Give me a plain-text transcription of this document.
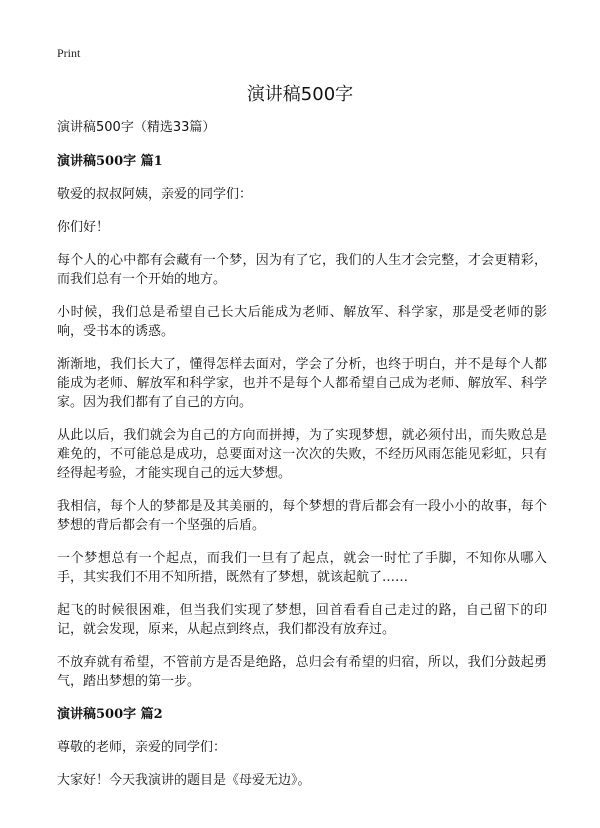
Print
演讲稿500字

演讲稿500字（精选33篇）

演讲稿500字 篇1

敬爱的叔叔阿姨，亲爱的同学们：

你们好！

每个人的心中都有会藏有一个梦，因为有了它，我们的人生才会完整，才会更精彩，而我们总有一个开始的地方。

小时候，我们总是希望自己长大后能成为老师、解放军、科学家，那是受老师的影响，受书本的诱惑。

渐渐地，我们长大了，懂得怎样去面对，学会了分析，也终于明白，并不是每个人都能成为老师、解放军和科学家，也并不是每个人都希望自己成为老师、解放军、科学家。因为我们都有了自己的方向。

从此以后，我们就会为自己的方向而拼搏，为了实现梦想，就必须付出，而失败总是难免的，不可能总是成功，总要面对这一次次的失败，不经历风雨怎能见彩虹，只有经得起考验，才能实现自己的远大梦想。

我相信，每个人的梦都是及其美丽的，每个梦想的背后都会有一段小小的故事，每个梦想的背后都会有一个坚强的后盾。

一个梦想总有一个起点，而我们一旦有了起点，就会一时忙了手脚，不知你从哪入手，其实我们不用不知所措，既然有了梦想，就该起航了……

起飞的时候很困难，但当我们实现了梦想，回首看看自己走过的路，自己留下的印记，就会发现，原来，从起点到终点，我们都没有放弃过。

不放弃就有希望，不管前方是否是绝路，总归会有希望的归宿，所以，我们分鼓起勇气，踏出梦想的第一步。

演讲稿500字 篇2

尊敬的老师，亲爱的同学们：

大家好！今天我演讲的题目是《母爱无边》。
